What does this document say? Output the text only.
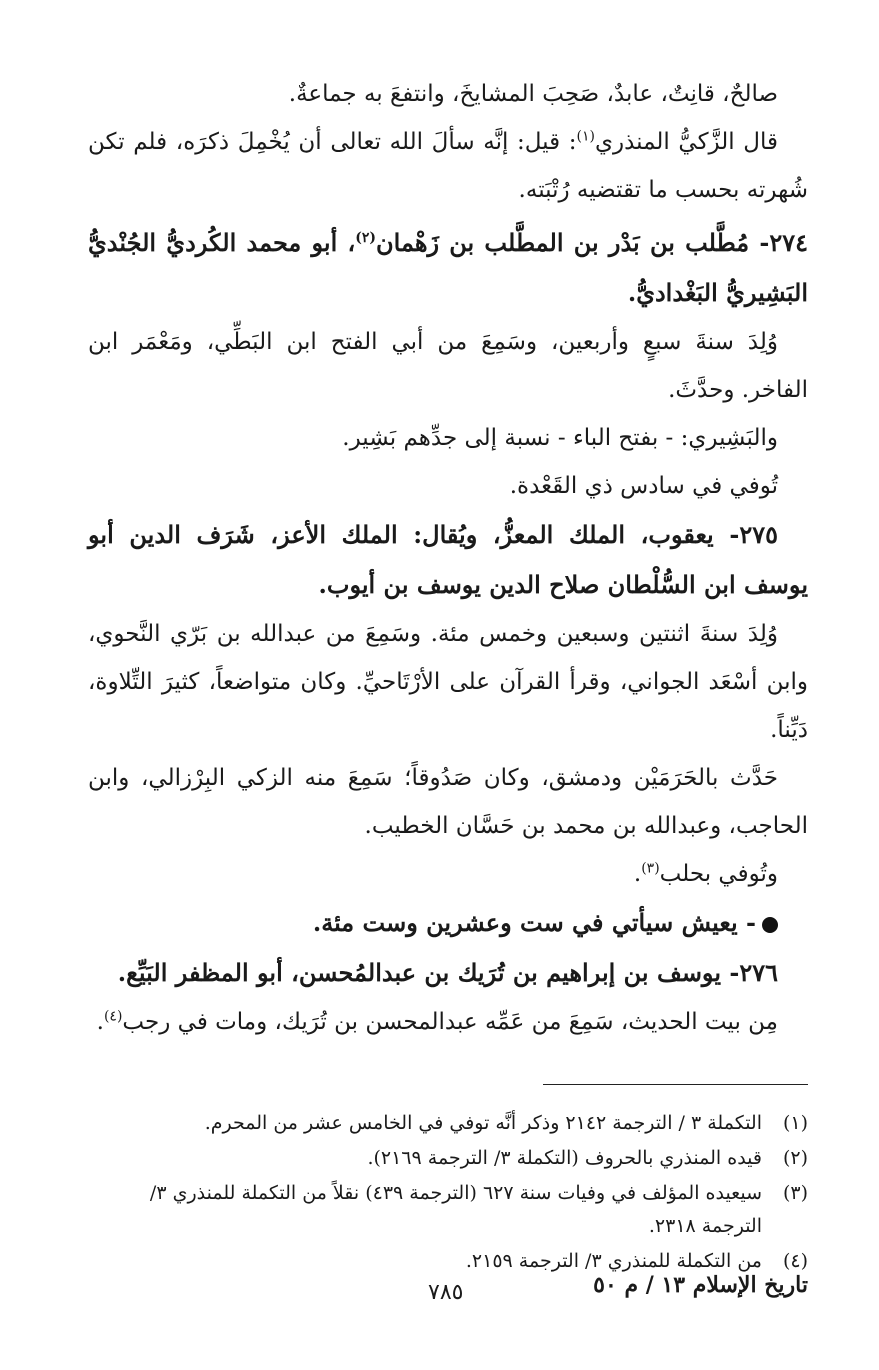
صالحٌ، قانِتٌ، عابدٌ، صَحِبَ المشايخَ، وانتفعَ به جماعةٌ.

قال الزَّكيُّ المنذري$^{(١)}$: قيل: إنَّه سألَ الله تعالى أن يُخْمِلَ ذكرَه، فلم تكن شُهرته بحسب ما تقتضيه رُتْبَته.

٢٧٤- مُطَّلب بن بَدْر بن المطَّلب بن زَهْمان$^{(٢)}$، أبو محمد الكُرديُّ الجُنْديُّ البَشِيريُّ البَغْداديُّ.

وُلِدَ سنةَ سبعٍ وأربعين، وسَمِعَ من أبي الفتح ابن البَطِّي، ومَعْمَر ابن الفاخر. وحدَّثَ.

والبَشِيري: - بفتح الباء - نسبة إلى جدِّهم بَشِير.

تُوفي في سادس ذي القَعْدة.

٢٧٥- يعقوب، الملك المعزُّ، ويُقال: الملك الأعز، شَرَف الدين أبو يوسف ابن السُّلْطان صلاح الدين يوسف بن أيوب.

وُلِدَ سنةَ اثنتين وسبعين وخمس مئة. وسَمِعَ من عبدالله بن بَرّي النَّحوي، وابن أسْعَد الجواني، وقرأ القرآن على الأرْتَاحيِّ. وكان متواضعاً، كثيرَ التِّلاوة، دَيِّناً.

حَدَّث بالحَرَمَيْن ودمشق، وكان صَدُوقاً؛ سَمِعَ منه الزكي البِرْزالي، وابن الحاجب، وعبدالله بن محمد بن حَسَّان الخطيب.

وتُوفي بحلب$^{(٣)}$.

- يعيش سيأتي في ست وعشرين وست مئة.

٢٧٦- يوسف بن إبراهيم بن تُرَيك بن عبدالمُحسن، أبو المظفر البَيِّع.

مِن بيت الحديث، سَمِعَ من عَمِّه عبدالمحسن بن تُرَيك، ومات في رجب$^{(٤)}$.

(١)
التكملة ٣ / الترجمة ٢١٤٢ وذكر أنَّه توفي في الخامس عشر من المحرم.
(٢)
قيده المنذري بالحروف (التكملة ٣/ الترجمة ٢١٦٩).
(٣)
سيعيده المؤلف في وفيات سنة ٦٢٧ (الترجمة ٤٣٩) نقلاً من التكملة للمنذري ٣/ الترجمة ٢٣١٨.
(٤)
من التكملة للمنذري ٣/ الترجمة ٢١٥٩.
تاريخ الإسلام ١٣ / م ٥٠
٧٨٥
